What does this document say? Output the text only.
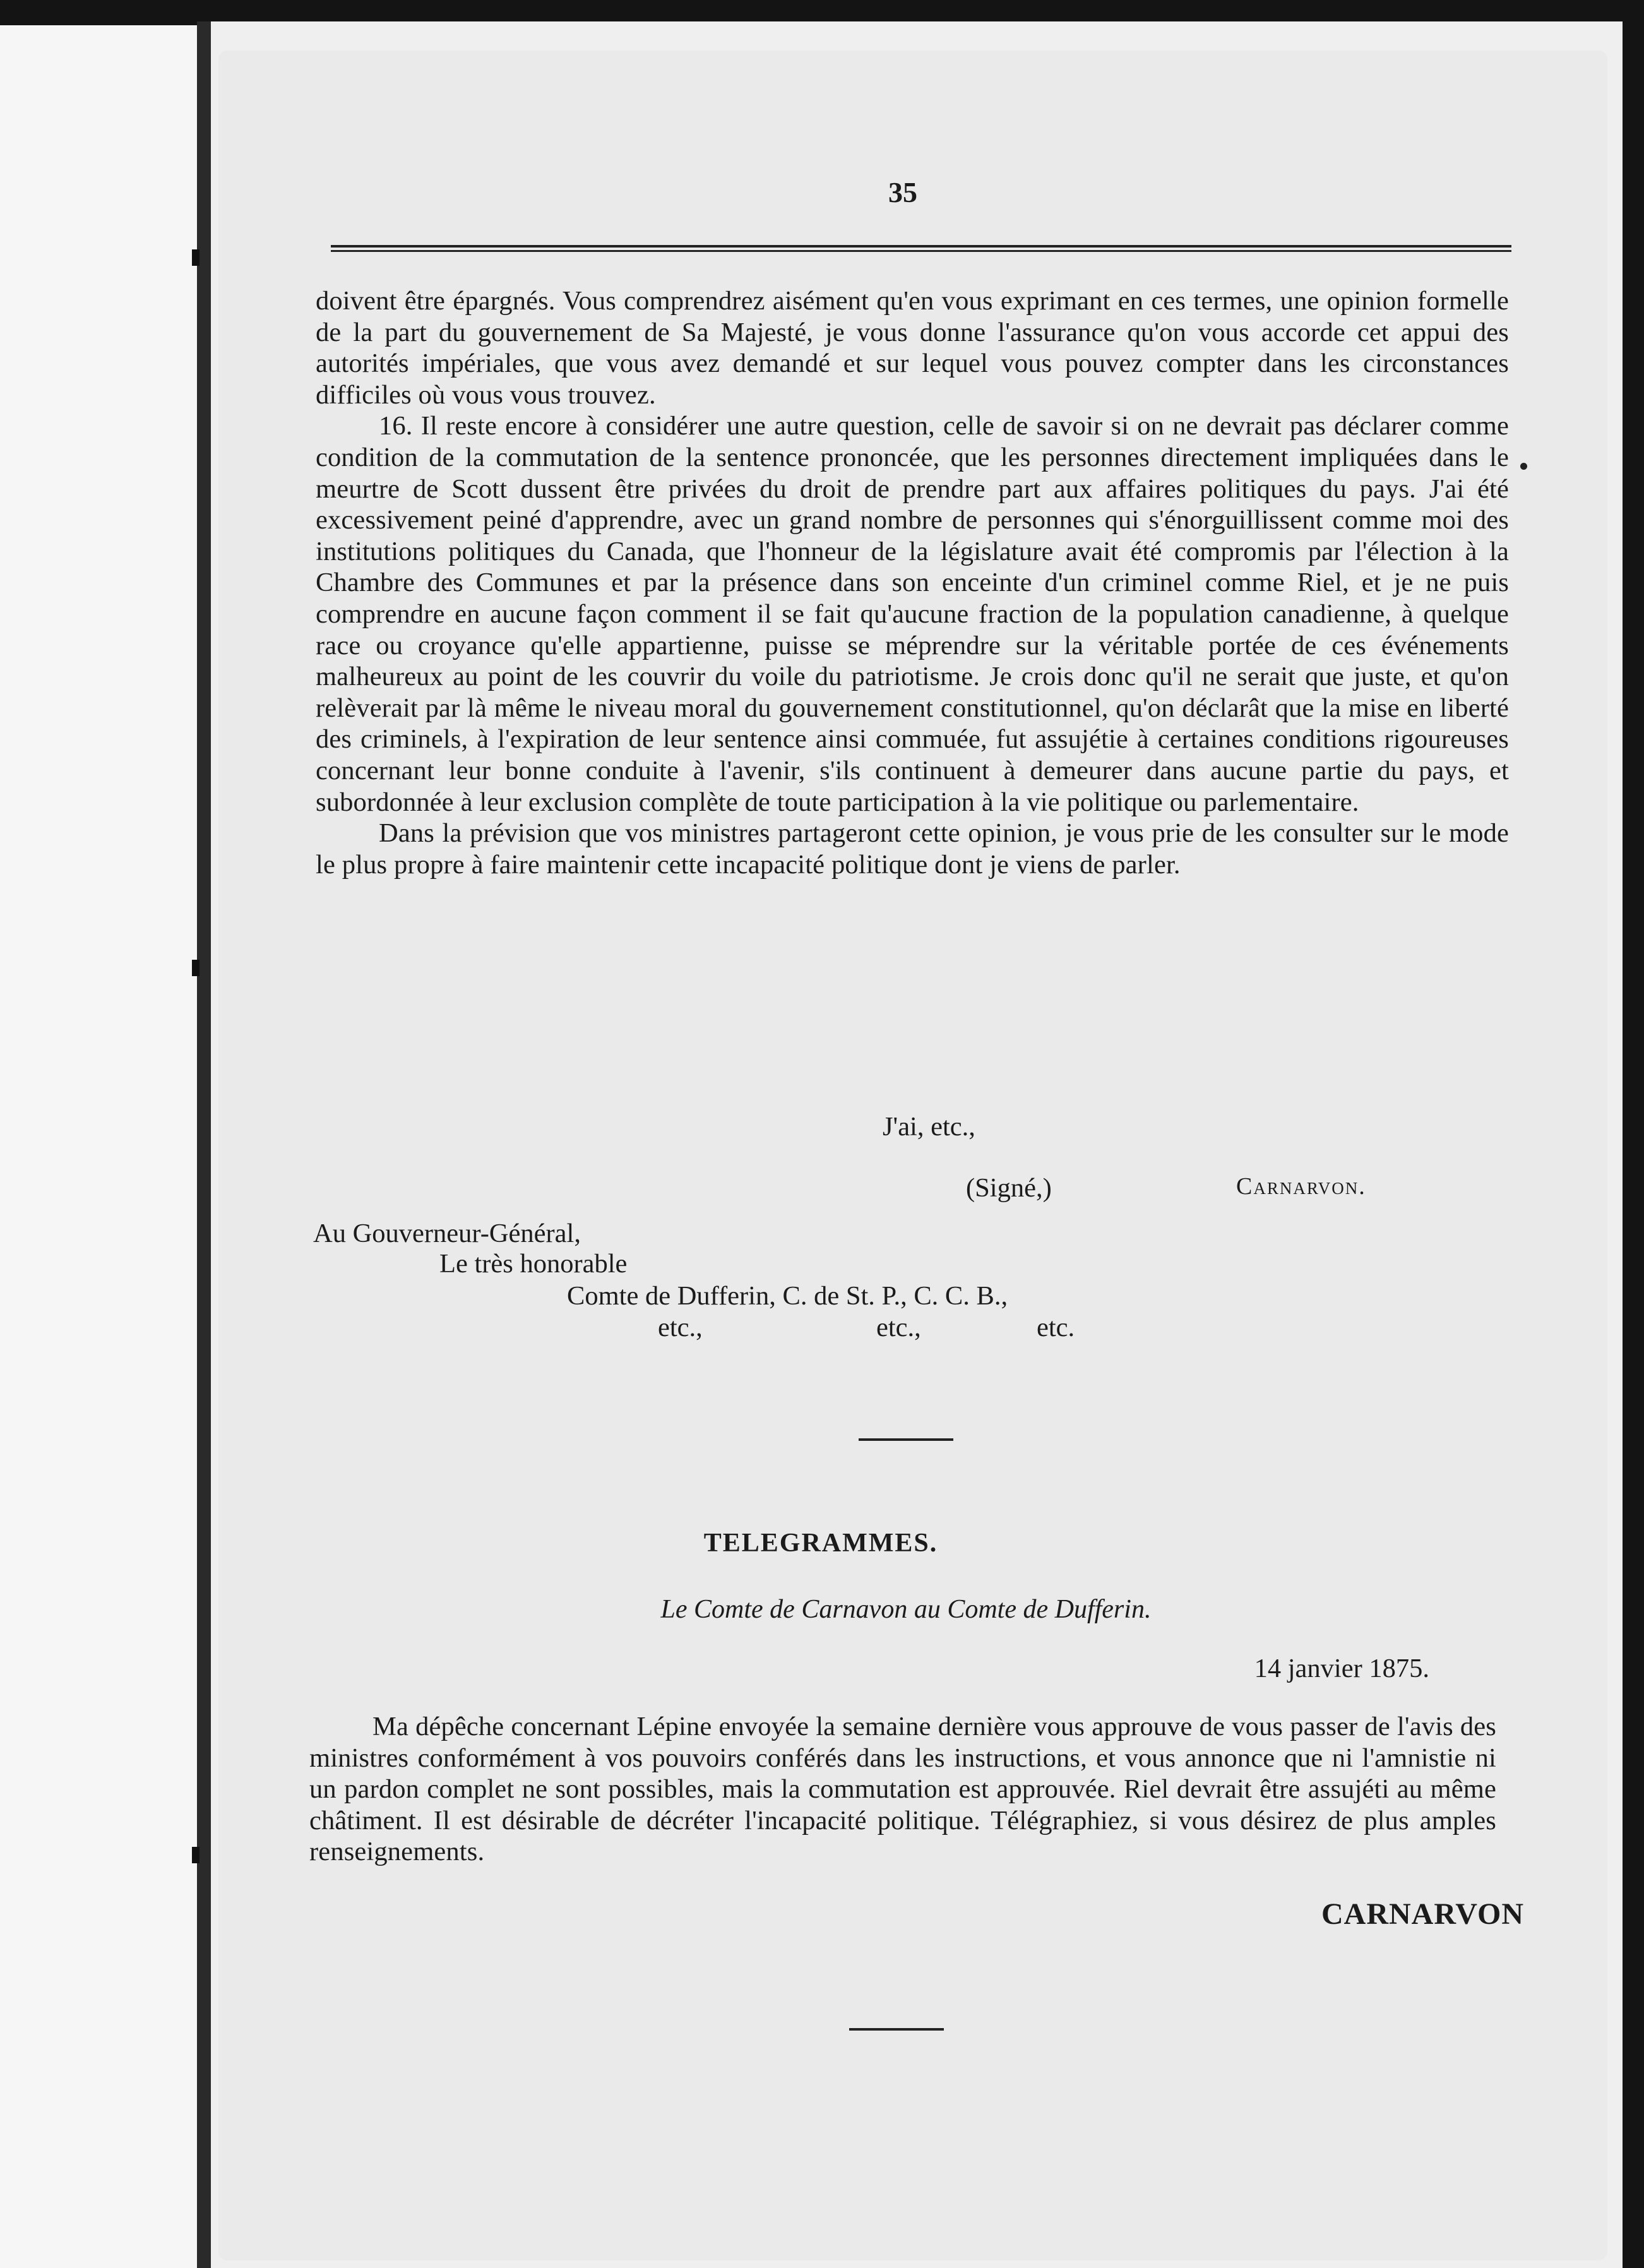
35

doivent être épargnés. Vous comprendrez aisément qu'en vous exprimant en ces termes, une opinion formelle de la part du gouvernement de Sa Majesté, je vous donne l'assurance qu'on vous accorde cet appui des autorités impériales, que vous avez demandé et sur lequel vous pouvez compter dans les circonstances difficiles où vous vous trouvez.

16. Il reste encore à considérer une autre question, celle de savoir si on ne devrait pas déclarer comme condition de la commutation de la sentence prononcée, que les personnes directement impliquées dans le meurtre de Scott dussent être privées du droit de prendre part aux affaires politiques du pays. J'ai été excessivement peiné d'apprendre, avec un grand nombre de personnes qui s'énorguillissent comme moi des institutions politiques du Canada, que l'honneur de la législature avait été compromis par l'élection à la Chambre des Communes et par la présence dans son enceinte d'un criminel comme Riel, et je ne puis comprendre en aucune façon comment il se fait qu'aucune fraction de la population canadienne, à quelque race ou croyance qu'elle appartienne, puisse se méprendre sur la véritable portée de ces événements malheureux au point de les couvrir du voile du patriotisme. Je crois donc qu'il ne serait que juste, et qu'on relèverait par là même le niveau moral du gouvernement constitutionnel, qu'on déclarât que la mise en liberté des criminels, à l'expiration de leur sentence ainsi commuée, fut assujétie à certaines conditions rigoureuses concernant leur bonne conduite à l'avenir, s'ils continuent à demeurer dans aucune partie du pays, et subordonnée à leur exclusion complète de toute participation à la vie politique ou parlementaire.

Dans la prévision que vos ministres partageront cette opinion, je vous prie de les consulter sur le mode le plus propre à faire maintenir cette incapacité politique dont je viens de parler.

J'ai, etc.,
(Signé,)	Carnarvon.
Au Gouverneur-Général,
Le très honorable
Comte de Dufferin, C. de St. P., C. C. B.,
etc.,	etc.,	etc.
TELEGRAMMES.
Le Comte de Carnavon au Comte de Dufferin.
14 janvier 1875.

Ma dépêche concernant Lépine envoyée la semaine dernière vous approuve de vous passer de l'avis des ministres conformément à vos pouvoirs conférés dans les instructions, et vous annonce que ni l'amnistie ni un pardon complet ne sont possibles, mais la commutation est approuvée. Riel devrait être assujéti au même châtiment. Il est désirable de décréter l'incapacité politique. Télégraphiez, si vous désirez de plus amples renseignements.

CARNARVON
